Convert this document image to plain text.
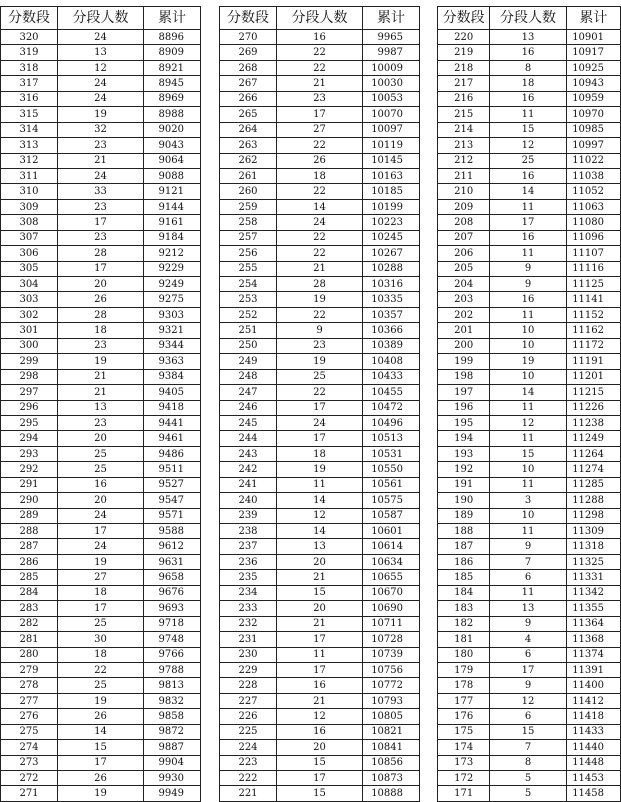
分数段	分段人数	累计
320	24	8896
319	13	8909
318	12	8921
317	24	8945
316	24	8969
315	19	8988
314	32	9020
313	23	9043
312	21	9064
311	24	9088
310	33	9121
309	23	9144
308	17	9161
307	23	9184
306	28	9212
305	17	9229
304	20	9249
303	26	9275
302	28	9303
301	18	9321
300	23	9344
299	19	9363
298	21	9384
297	21	9405
296	13	9418
295	23	9441
294	20	9461
293	25	9486
292	25	9511
291	16	9527
290	20	9547
289	24	9571
288	17	9588
287	24	9612
286	19	9631
285	27	9658
284	18	9676
283	17	9693
282	25	9718
281	30	9748
280	18	9766
279	22	9788
278	25	9813
277	19	9832
276	26	9858
275	14	9872
274	15	9887
273	17	9904
272	26	9930
271	19	9949
分数段	分段人数	累计
270	16	9965
269	22	9987
268	22	10009
267	21	10030
266	23	10053
265	17	10070
264	27	10097
263	22	10119
262	26	10145
261	18	10163
260	22	10185
259	14	10199
258	24	10223
257	22	10245
256	22	10267
255	21	10288
254	28	10316
253	19	10335
252	22	10357
251	9	10366
250	23	10389
249	19	10408
248	25	10433
247	22	10455
246	17	10472
245	24	10496
244	17	10513
243	18	10531
242	19	10550
241	11	10561
240	14	10575
239	12	10587
238	14	10601
237	13	10614
236	20	10634
235	21	10655
234	15	10670
233	20	10690
232	21	10711
231	17	10728
230	11	10739
229	17	10756
228	16	10772
227	21	10793
226	12	10805
225	16	10821
224	20	10841
223	15	10856
222	17	10873
221	15	10888
分数段	分段人数	累计
220	13	10901
219	16	10917
218	8	10925
217	18	10943
216	16	10959
215	11	10970
214	15	10985
213	12	10997
212	25	11022
211	16	11038
210	14	11052
209	11	11063
208	17	11080
207	16	11096
206	11	11107
205	9	11116
204	9	11125
203	16	11141
202	11	11152
201	10	11162
200	10	11172
199	19	11191
198	10	11201
197	14	11215
196	11	11226
195	12	11238
194	11	11249
193	15	11264
192	10	11274
191	11	11285
190	3	11288
189	10	11298
188	11	11309
187	9	11318
186	7	11325
185	6	11331
184	11	11342
183	13	11355
182	9	11364
181	4	11368
180	6	11374
179	17	11391
178	9	11400
177	12	11412
176	6	11418
175	15	11433
174	7	11440
173	8	11448
172	5	11453
171	5	11458
